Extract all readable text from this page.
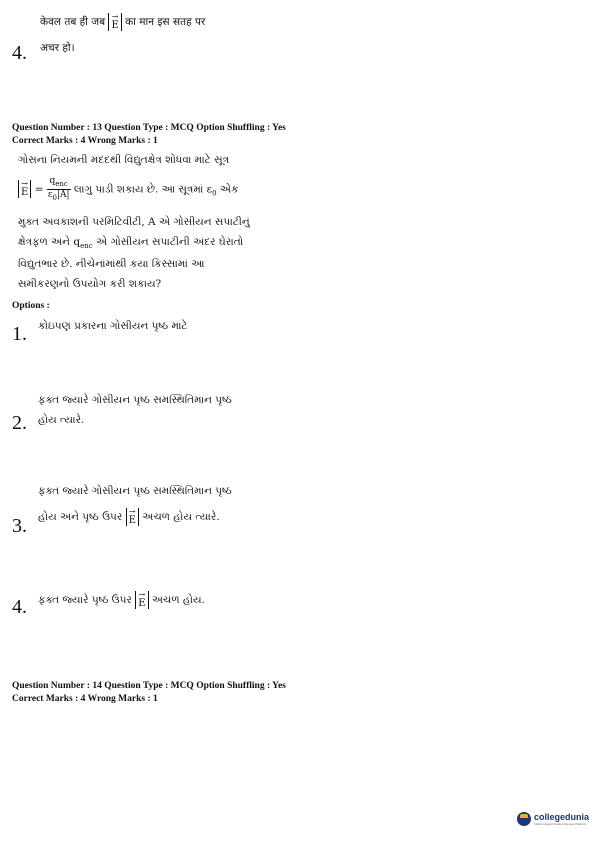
केवल तब ही जब →
E का मान इस सतह पर
4. अचर हो।
Question Number : 13 Question Type : MCQ Option Shuffling : Yes
Correct Marks : 4 Wrong Marks : 1
ગોસના નિયમની મદદથી વિદ્યુતક્ષેત્ર શોધવા માટે સૂત્ર
→
$E = \frac{q_{enc}}{\varepsilon_0|A|}$ લાગુ પાડી શકાય છે. આ સૂત્રમાં $\varepsilon_0$ એક
મુક્ત અવકાશની પરમિટિવીટી, A એ ગોસીયન સપાટીનું
ક્ષેત્રફળ અને $q_{enc}$ એ ગોસીયન સપાટીની અંદર ઘેરાતો
વિદ્યુતભાર છે. નીચેનાંમાંથી કયા કિસ્સામાં આ
સમીકરણનો ઉપયોગ કરી શકાય?
Options :
1. કોઇપણ પ્રકારના ગોસીયન પૃષ્ઠ માટે
ફક્ત જ્યારે ગોસીયન પૃષ્ઠ સમસ્થિતિમાન પૃષ્ઠ
2. હોય ત્યારે.
ફક્ત જ્યારે ગોસીયન પૃષ્ઠ સમસ્થિતિમાન પૃષ્ઠ
હોય અને પૃષ્ઠ ઉપર →
E અચળ હોય ત્યારે.
3.
4. ફક્ત જ્યારે પૃષ્ઠ ઉપર →
E અચળ હોય.
Question Number : 14 Question Type : MCQ Option Shuffling : Yes
Correct Marks : 4 Wrong Marks : 1
collegedunia
India's largest Student Review Platform
